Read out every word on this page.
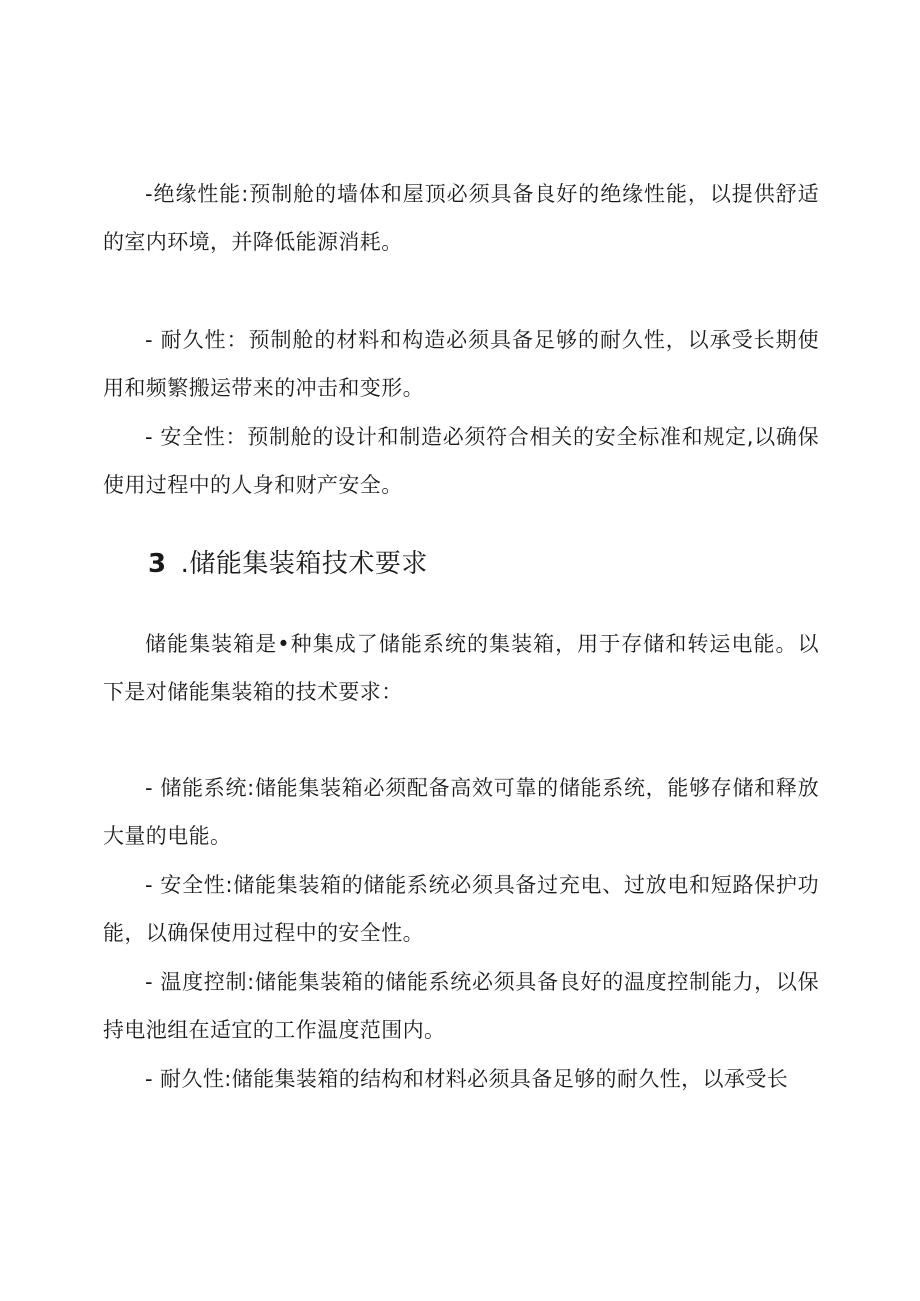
-绝缘性能:预制舱的墙体和屋顶必须具备良好的绝缘性能，以提供舒适的室内环境，并降低能源消耗。

- 耐久性：预制舱的材料和构造必须具备足够的耐久性，以承受长期使用和频繁搬运带来的冲击和变形。

- 安全性：预制舱的设计和制造必须符合相关的安全标准和规定,以确保使用过程中的人身和财产安全。

3 .储能集装箱技术要求

储能集装箱是•种集成了储能系统的集装箱，用于存储和转运电能。以下是对储能集装箱的技术要求：

- 储能系统:储能集装箱必须配备高效可靠的储能系统，能够存储和释放大量的电能。

- 安全性:储能集装箱的储能系统必须具备过充电、过放电和短路保护功能，以确保使用过程中的安全性。

- 温度控制:储能集装箱的储能系统必须具备良好的温度控制能力，以保持电池组在适宜的工作温度范围内。

- 耐久性:储能集装箱的结构和材料必须具备足够的耐久性，以承受长
